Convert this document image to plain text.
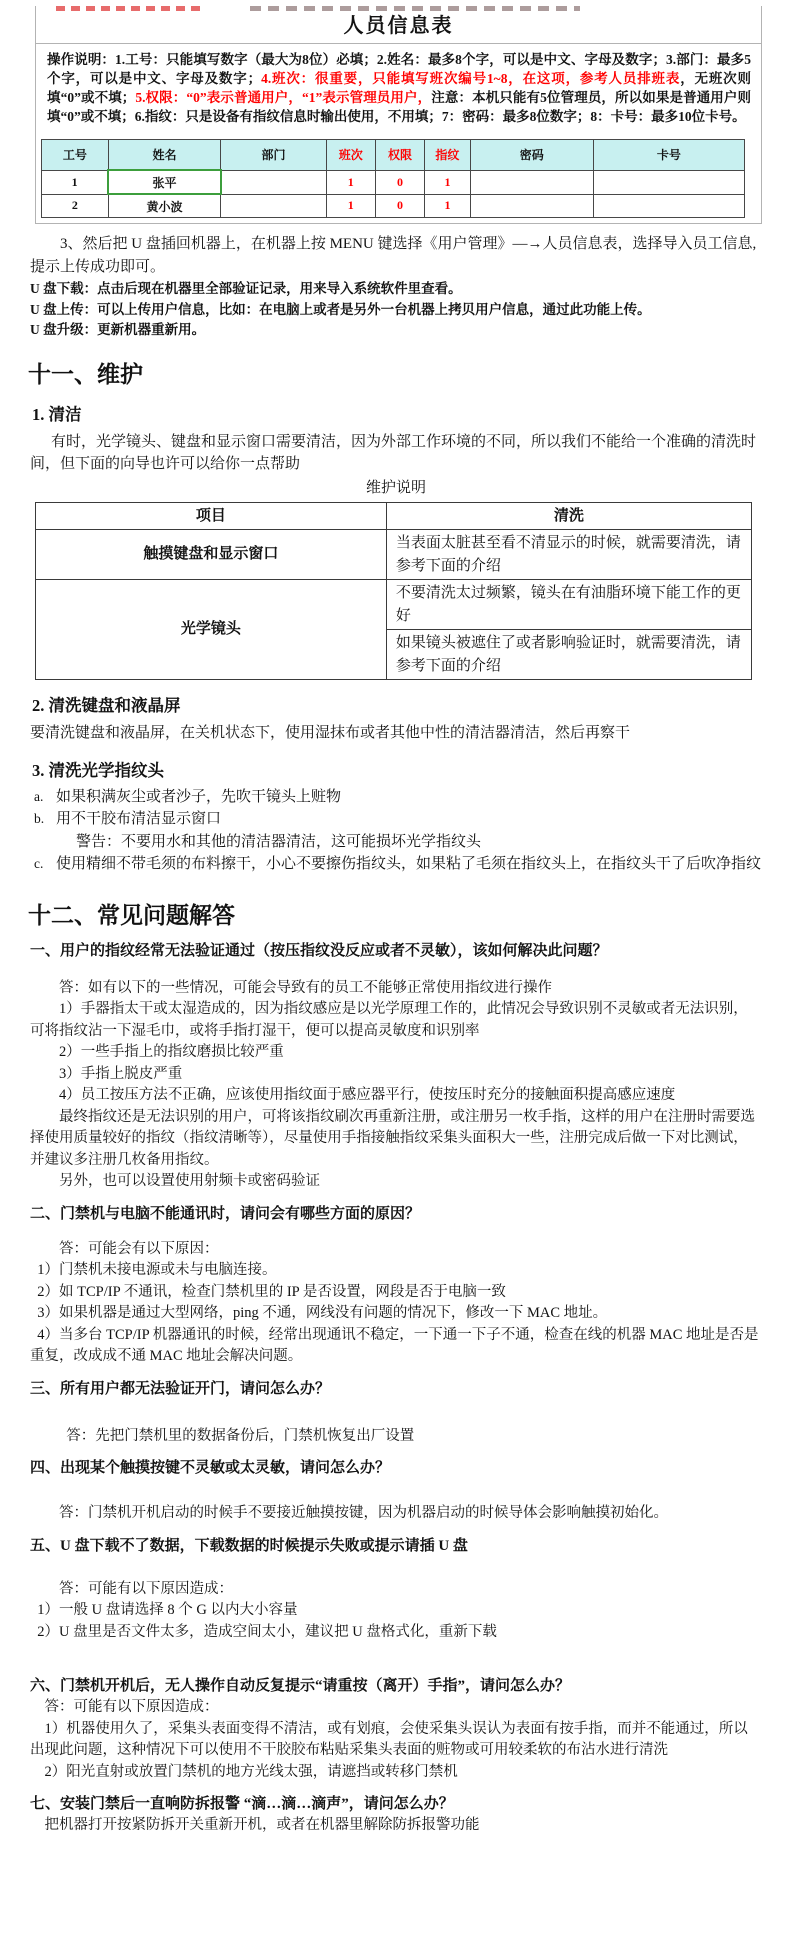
人员信息表

操作说明：1.工号：只能填写数字（最大为8位）必填；2.姓名：最多8个字，可以是中文、字母及数字；3.部门：最多5个字，可以是中文、字母及数字；4.班次：很重要，只能填写班次编号1~8，在这项，参考人员排班表，无班次则填“0”或不填；5.权限：“0”表示普通用户，“1”表示管理员用户，注意：本机只能有5位管理员，所以如果是普通用户则填“0”或不填；6.指纹：只是设备有指纹信息时输出使用，不用填；7：密码：最多8位数字；8：卡号：最多10位卡号。

工号	姓名	部门	班次	权限	指纹	密码	卡号
1	张平		1	0	1		
2	黄小波		1	0	1		

3、然后把 U 盘插回机器上，在机器上按 MENU 键选择《用户管理》—→人员信息表，选择导入员工信息, 提示上传成功即可。

U 盘下载：点击后现在机器里全部验证记录，用来导入系统软件里查看。

U 盘上传：可以上传用户信息，比如：在电脑上或者是另外一台机器上拷贝用户信息，通过此功能上传。

U 盘升级：更新机器重新用。

十一、维护
1. 清洁

有时，光学镜头、键盘和显示窗口需要清洁，因为外部工作环境的不同，所以我们不能给一个准确的清洗时间，但下面的向导也许可以给你一点帮助

维护说明
项目	清洗
触摸键盘和显示窗口	当表面太脏甚至看不清显示的时候，就需要清洗，请参考下面的介绍
光学镜头	不要清洗太过频繁，镜头在有油脂环境下能工作的更好
	如果镜头被遮住了或者影响验证时，就需要清洗，请参考下面的介绍
2. 清洗键盘和液晶屏

要清洗键盘和液晶屏，在关机状态下，使用湿抹布或者其他中性的清洁器清洁，然后再察干

3. 清洗光学指纹头
a. 如果积满灰尘或者沙子，先吹干镜头上赃物
b. 用不干胶布清洁显示窗口
警告：不要用水和其他的清洁器清洁，这可能损坏光学指纹头
c. 使用精细不带毛须的布料擦干，小心不要擦伤指纹头，如果粘了毛须在指纹头上，在指纹头干了后吹净指纹
十二、常见问题解答
一、用户的指纹经常无法验证通过（按压指纹没反应或者不灵敏），该如何解决此问题？

答：如有以下的一些情况，可能会导致有的员工不能够正常使用指纹进行操作

1）手器指太干或太湿造成的，因为指纹感应是以光学原理工作的，此情况会导致识别不灵敏或者无法识别，可将指纹沾一下湿毛巾，或将手指打湿干，便可以提高灵敏度和识别率

2）一些手指上的指纹磨损比较严重

3）手指上脱皮严重

4）员工按压方法不正确，应该使用指纹面于感应器平行，使按压时充分的接触面积提高感应速度

最终指纹还是无法识别的用户，可将该指纹刷次再重新注册，或注册另一枚手指，这样的用户在注册时需要选择使用质量较好的指纹（指纹清晰等），尽量使用手指接触指纹采集头面积大一些，注册完成后做一下对比测试，并建议多注册几枚备用指纹。

另外，也可以设置使用射频卡或密码验证

二、门禁机与电脑不能通讯时，请问会有哪些方面的原因？

答：可能会有以下原因：

1）门禁机未接电源或未与电脑连接。

2）如 TCP/IP 不通讯，检查门禁机里的 IP 是否设置，网段是否于电脑一致

3）如果机器是通过大型网络，ping 不通，网线没有问题的情况下，修改一下 MAC 地址。

4）当多台 TCP/IP 机器通讯的时候，经常出现通讯不稳定，一下通一下子不通，检查在线的机器 MAC 地址是否是重复，改成成不通 MAC 地址会解决问题。

三、所有用户都无法验证开门，请问怎么办？

答：先把门禁机里的数据备份后，门禁机恢复出厂设置

四、出现某个触摸按键不灵敏或太灵敏，请问怎么办？

答：门禁机开机启动的时候手不要接近触摸按键，因为机器启动的时候导体会影响触摸初始化。

五、U 盘下载不了数据，下载数据的时候提示失败或提示请插 U 盘

答：可能有以下原因造成：

1）一般 U 盘请选择 8 个 G 以内大小容量

2）U 盘里是否文件太多，造成空间太小，建议把 U 盘格式化，重新下载

六、门禁机开机后，无人操作自动反复提示“请重按（离开）手指”，请问怎么办？

答：可能有以下原因造成：

1）机器使用久了，采集头表面变得不清洁，或有划痕，会使采集头误认为表面有按手指，而并不能通过，所以出现此问题，这种情况下可以使用不干胶胶布粘贴采集头表面的赃物或可用较柔软的布沾水进行清洗

2）阳光直射或放置门禁机的地方光线太强，请遮挡或转移门禁机

七、安装门禁后一直响防拆报警 “滴…滴…滴声”，请问怎么办？

把机器打开按紧防拆开关重新开机，或者在机器里解除防拆报警功能
